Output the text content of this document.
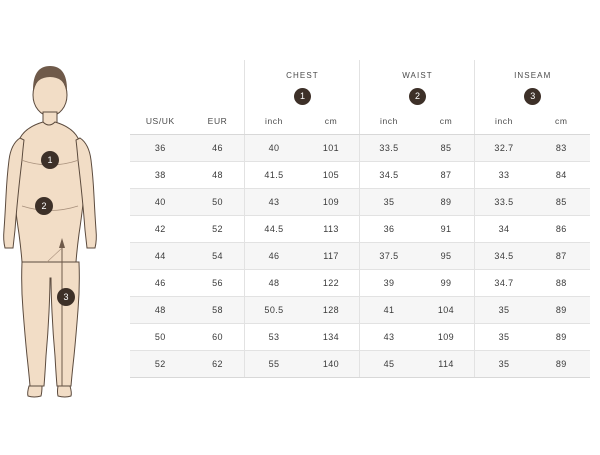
1
2
3
		CHEST		WAIST		INSEAM	
		1		2		3	
US/UK	EUR	inch	cm	inch	cm	inch	cm
36	46	40	101	33.5	85	32.7	83
38	48	41.5	105	34.5	87	33	84
40	50	43	109	35	89	33.5	85
42	52	44.5	113	36	91	34	86
44	54	46	117	37.5	95	34.5	87
46	56	48	122	39	99	34.7	88
48	58	50.5	128	41	104	35	89
50	60	53	134	43	109	35	89
52	62	55	140	45	114	35	89
